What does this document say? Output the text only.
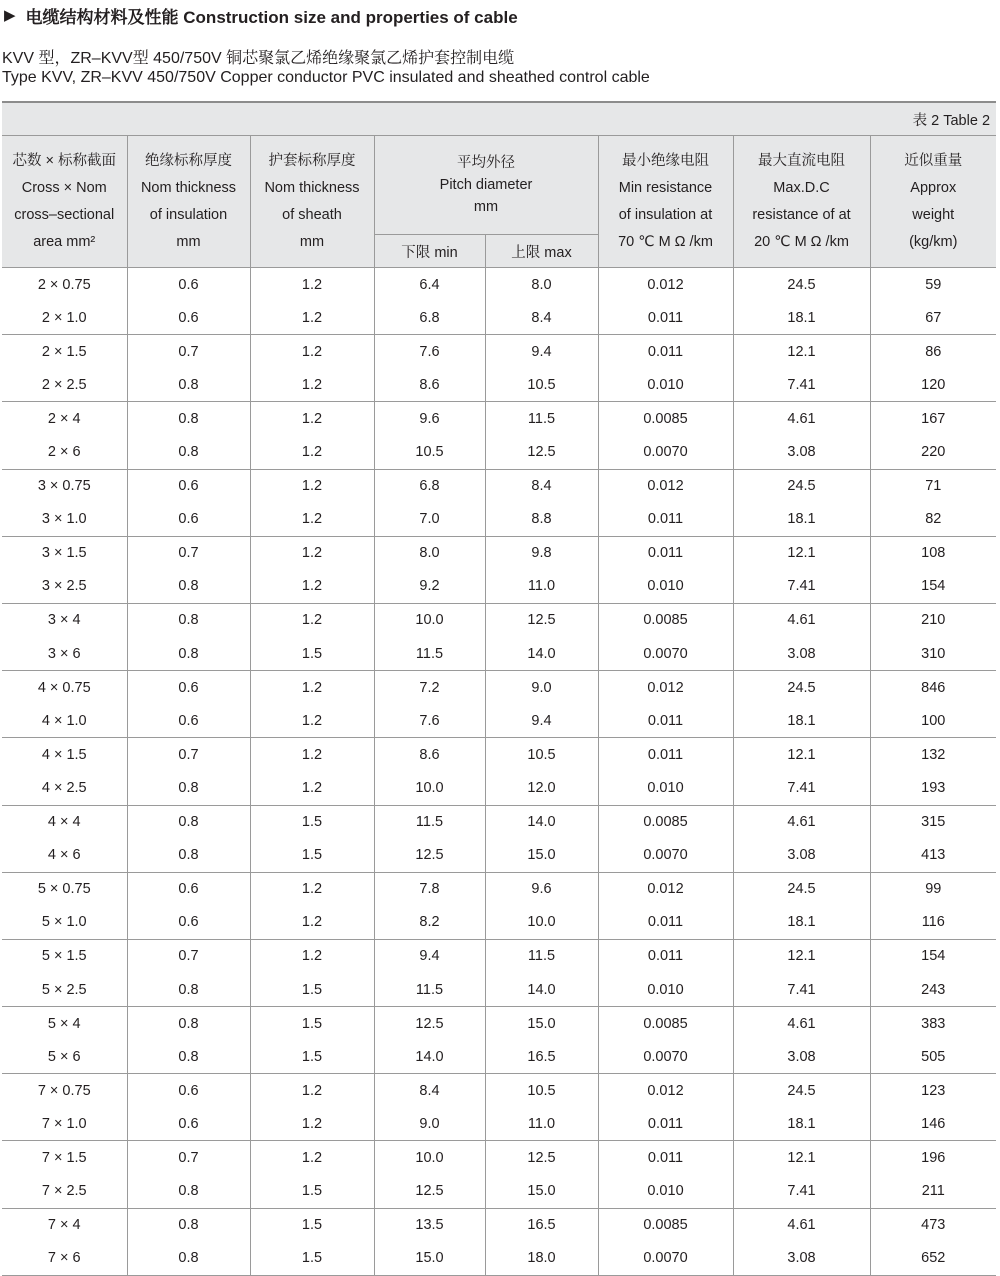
▶ 电缆结构材料及性能 Construction size and properties of cable
KVV 型，ZR–KVV型 450/750V 铜芯聚氯乙烯绝缘聚氯乙烯护套控制电缆
Type KVV, ZR–KVV 450/750V Copper conductor PVC insulated and sheathed control cable
表 2 Table 2							

芯数 × 标称截面
Cross × Nom
cross–sectional
area mm²	绝缘标称厚度
Nom thickness
of insulation
mm	护套标称厚度
Nom thickness
of sheath
mm	平均外径
Pitch diameter
mm		最小绝缘电阻
Min resistance
of insulation at
70 ℃ M Ω /km	最大直流电阻
Max.D.C
resistance of at
20 ℃ M Ω /km	近似重量
Approx
weight
(kg/km)

			下限 min	上限 max			
2 × 0.75	0.6	1.2	6.4	8.0	0.012	24.5	59
2 × 1.0	0.6	1.2	6.8	8.4	0.011	18.1	67
2 × 1.5	0.7	1.2	7.6	9.4	0.011	12.1	86
2 × 2.5	0.8	1.2	8.6	10.5	0.010	7.41	120
2 × 4	0.8	1.2	9.6	11.5	0.0085	4.61	167
2 × 6	0.8	1.2	10.5	12.5	0.0070	3.08	220
3 × 0.75	0.6	1.2	6.8	8.4	0.012	24.5	71
3 × 1.0	0.6	1.2	7.0	8.8	0.011	18.1	82
3 × 1.5	0.7	1.2	8.0	9.8	0.011	12.1	108
3 × 2.5	0.8	1.2	9.2	11.0	0.010	7.41	154
3 × 4	0.8	1.2	10.0	12.5	0.0085	4.61	210
3 × 6	0.8	1.5	11.5	14.0	0.0070	3.08	310
4 × 0.75	0.6	1.2	7.2	9.0	0.012	24.5	846
4 × 1.0	0.6	1.2	7.6	9.4	0.011	18.1	100
4 × 1.5	0.7	1.2	8.6	10.5	0.011	12.1	132
4 × 2.5	0.8	1.2	10.0	12.0	0.010	7.41	193
4 × 4	0.8	1.5	11.5	14.0	0.0085	4.61	315
4 × 6	0.8	1.5	12.5	15.0	0.0070	3.08	413
5 × 0.75	0.6	1.2	7.8	9.6	0.012	24.5	99
5 × 1.0	0.6	1.2	8.2	10.0	0.011	18.1	116
5 × 1.5	0.7	1.2	9.4	11.5	0.011	12.1	154
5 × 2.5	0.8	1.5	11.5	14.0	0.010	7.41	243
5 × 4	0.8	1.5	12.5	15.0	0.0085	4.61	383
5 × 6	0.8	1.5	14.0	16.5	0.0070	3.08	505
7 × 0.75	0.6	1.2	8.4	10.5	0.012	24.5	123
7 × 1.0	0.6	1.2	9.0	11.0	0.011	18.1	146
7 × 1.5	0.7	1.2	10.0	12.5	0.011	12.1	196
7 × 2.5	0.8	1.5	12.5	15.0	0.010	7.41	211
7 × 4	0.8	1.5	13.5	16.5	0.0085	4.61	473
7 × 6	0.8	1.5	15.0	18.0	0.0070	3.08	652
